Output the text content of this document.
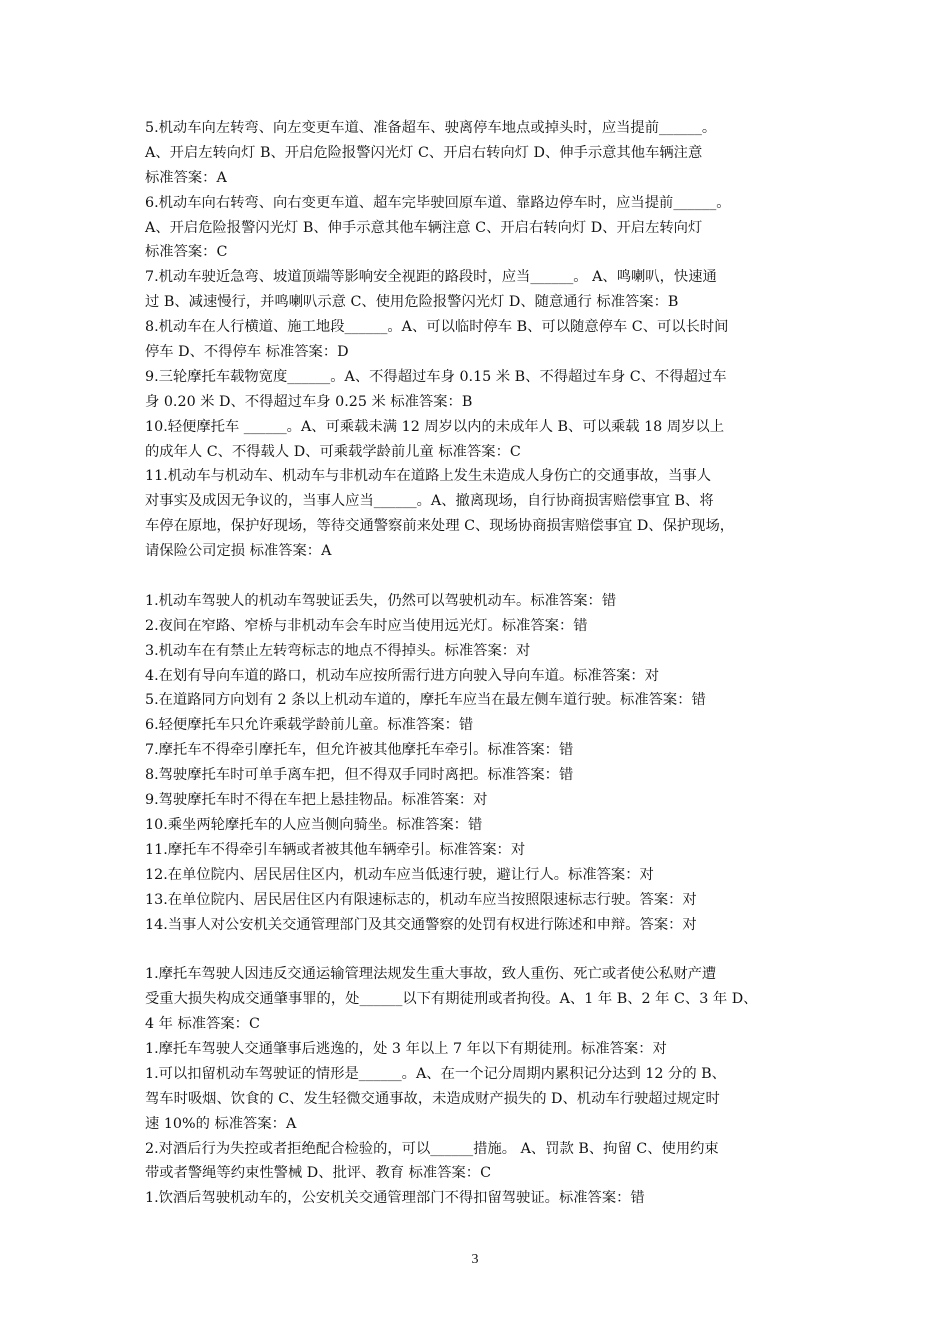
5.机动车向左转弯、向左变更车道、准备超车、驶离停车地点或掉头时，应当提前______。
A、开启左转向灯 B、开启危险报警闪光灯 C、开启右转向灯 D、伸手示意其他车辆注意
标准答案：A
6.机动车向右转弯、向右变更车道、超车完毕驶回原车道、靠路边停车时，应当提前______。
A、开启危险报警闪光灯 B、伸手示意其他车辆注意 C、开启右转向灯 D、开启左转向灯
标准答案：C
7.机动车驶近急弯、坡道顶端等影响安全视距的路段时，应当______。 A、鸣喇叭，快速通
过 B、减速慢行，并鸣喇叭示意 C、使用危险报警闪光灯 D、随意通行 标准答案：B
8.机动车在人行横道、施工地段______。A、可以临时停车 B、可以随意停车 C、可以长时间
停车 D、不得停车 标准答案：D
9.三轮摩托车载物宽度______。A、不得超过车身 0.15 米 B、不得超过车身 C、不得超过车
身 0.20 米 D、不得超过车身 0.25 米 标准答案：B
10.轻便摩托车 ______。A、可乘载未满 12 周岁以内的未成年人 B、可以乘载 18 周岁以上
的成年人 C、不得载人 D、可乘载学龄前儿童 标准答案：C
11.机动车与机动车、机动车与非机动车在道路上发生未造成人身伤亡的交通事故，当事人
对事实及成因无争议的，当事人应当______。A、撤离现场，自行协商损害赔偿事宜 B、将
车停在原地，保护好现场，等待交通警察前来处理 C、现场协商损害赔偿事宜 D、保护现场，
请保险公司定损 标准答案：A
1.机动车驾驶人的机动车驾驶证丢失，仍然可以驾驶机动车。标准答案：错
2.夜间在窄路、窄桥与非机动车会车时应当使用远光灯。标准答案：错
3.机动车在有禁止左转弯标志的地点不得掉头。标准答案：对
4.在划有导向车道的路口，机动车应按所需行进方向驶入导向车道。标准答案：对
5.在道路同方向划有 2 条以上机动车道的，摩托车应当在最左侧车道行驶。标准答案：错
6.轻便摩托车只允许乘载学龄前儿童。标准答案：错
7.摩托车不得牵引摩托车，但允许被其他摩托车牵引。标准答案：错
8.驾驶摩托车时可单手离车把，但不得双手同时离把。标准答案：错
9.驾驶摩托车时不得在车把上悬挂物品。标准答案：对
10.乘坐两轮摩托车的人应当侧向骑坐。标准答案：错
11.摩托车不得牵引车辆或者被其他车辆牵引。标准答案：对
12.在单位院内、居民居住区内，机动车应当低速行驶，避让行人。标准答案：对
13.在单位院内、居民居住区内有限速标志的，机动车应当按照限速标志行驶。答案：对
14.当事人对公安机关交通管理部门及其交通警察的处罚有权进行陈述和申辩。答案：对
1.摩托车驾驶人因违反交通运输管理法规发生重大事故，致人重伤、死亡或者使公私财产遭
受重大损失构成交通肇事罪的，处______以下有期徒刑或者拘役。A、1 年 B、2 年 C、3 年 D、
4 年 标准答案：C
1.摩托车驾驶人交通肇事后逃逸的，处 3 年以上 7 年以下有期徒刑。标准答案：对
1.可以扣留机动车驾驶证的情形是______。A、在一个记分周期内累积记分达到 12 分的 B、
驾车时吸烟、饮食的 C、发生轻微交通事故，未造成财产损失的 D、机动车行驶超过规定时
速 10%的 标准答案：A
2.对酒后行为失控或者拒绝配合检验的，可以______措施。 A、罚款 B、拘留 C、使用约束
带或者警绳等约束性警械 D、批评、教育 标准答案：C
1.饮酒后驾驶机动车的，公安机关交通管理部门不得扣留驾驶证。标准答案：错
3
